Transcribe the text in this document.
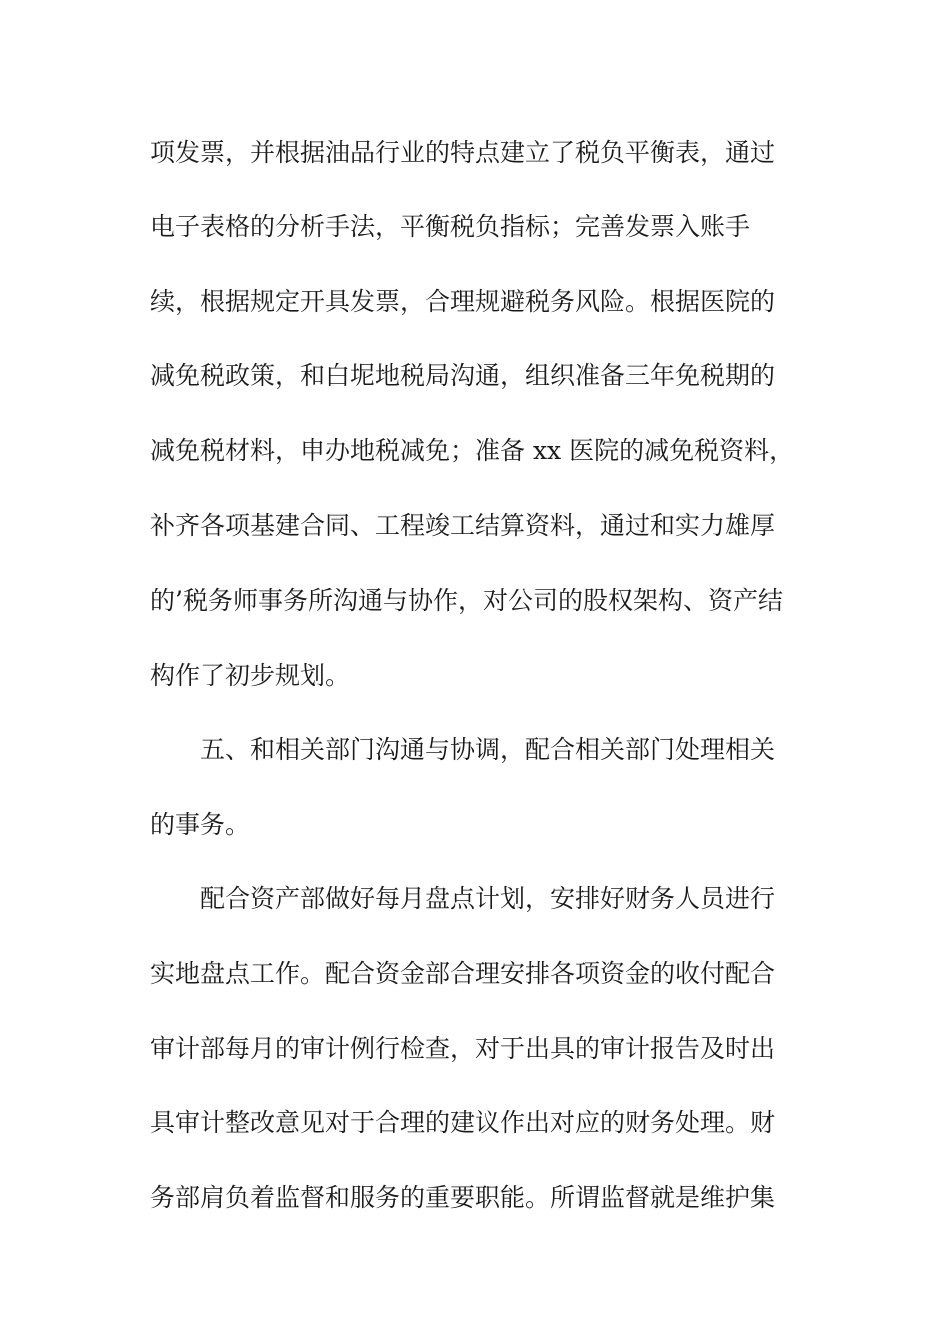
项发票，并根据油品行业的特点建立了税负平衡表，通过
电子表格的分析手法，平衡税负指标；完善发票入账手
续，根据规定开具发票，合理规避税务风险。根据医院的
减免税政策，和白坭地税局沟通，组织准备三年免税期的
减免税材料，申办地税减免；准备 xx 医院的减免税资料，
补齐各项基建合同、工程竣工结算资料，通过和实力雄厚
的’税务师事务所沟通与协作，对公司的股权架构、资产结
构作了初步规划。
五、和相关部门沟通与协调，配合相关部门处理相关
的事务。
配合资产部做好每月盘点计划，安排好财务人员进行
实地盘点工作。配合资金部合理安排各项资金的收付配合
审计部每月的审计例行检查，对于出具的审计报告及时出
具审计整改意见对于合理的建议作出对应的财务处理。财
务部肩负着监督和服务的重要职能。所谓监督就是维护集
